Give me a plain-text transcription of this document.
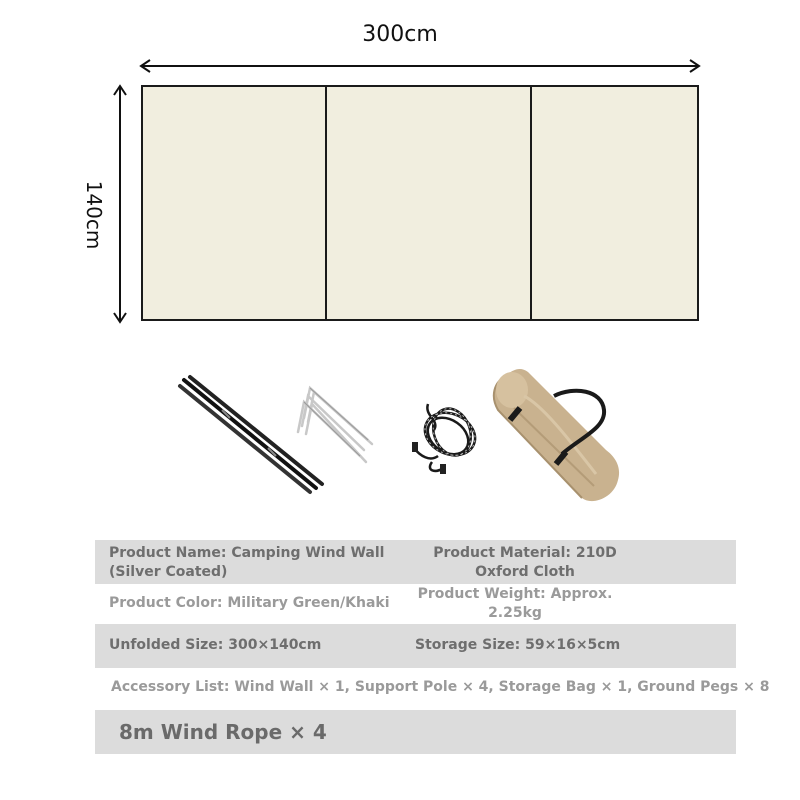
300cm
140cm
Product Name: Camping Wind Wall
(Silver Coated)
Product Material: 210D
Oxford Cloth
Product Color: Military Green/Khaki
Product Weight: Approx.
2.25kg
Unfolded Size: 300×140cm	Storage Size: 59×16×5cm
Accessory List: Wind Wall × 1, Support Pole × 4, Storage Bag × 1, Ground Pegs × 8
8m Wind Rope × 4
